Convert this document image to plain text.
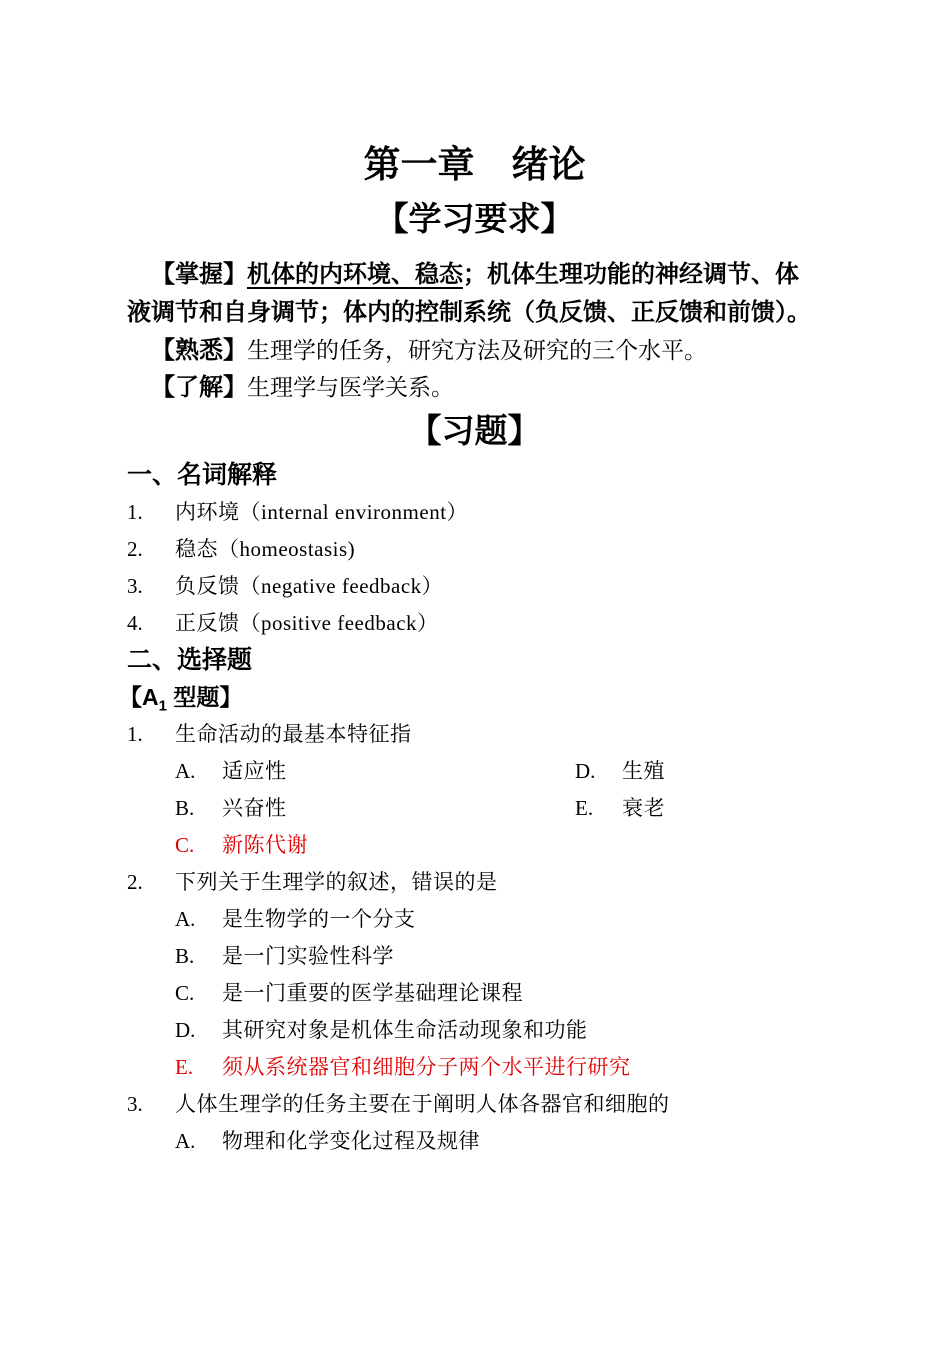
第一章　绪论
【学习要求】

【掌握】机体的内环境、稳态；机体生理功能的神经调节、体液调节和自身调节；体内的控制系统（负反馈、正反馈和前馈）。

【熟悉】生理学的任务，研究方法及研究的三个水平。

【了解】生理学与医学关系。

【习题】
一、名词解释
1.	内环境（internal environment）
2.	稳态（homeostasis)
3.	负反馈（negative feedback）
4.	正反馈（positive feedback）
二、选择题
【$A_1$ 型题】
1.	生命活动的最基本特征指
A.	适应性	D.	生殖
B.	兴奋性	E.	衰老
C.	新陈代谢
2.	下列关于生理学的叙述，错误的是
A.	是生物学的一个分支
B.	是一门实验性科学
C.	是一门重要的医学基础理论课程
D.	其研究对象是机体生命活动现象和功能
E.	须从系统器官和细胞分子两个水平进行研究
3.	人体生理学的任务主要在于阐明人体各器官和细胞的
A.	物理和化学变化过程及规律
